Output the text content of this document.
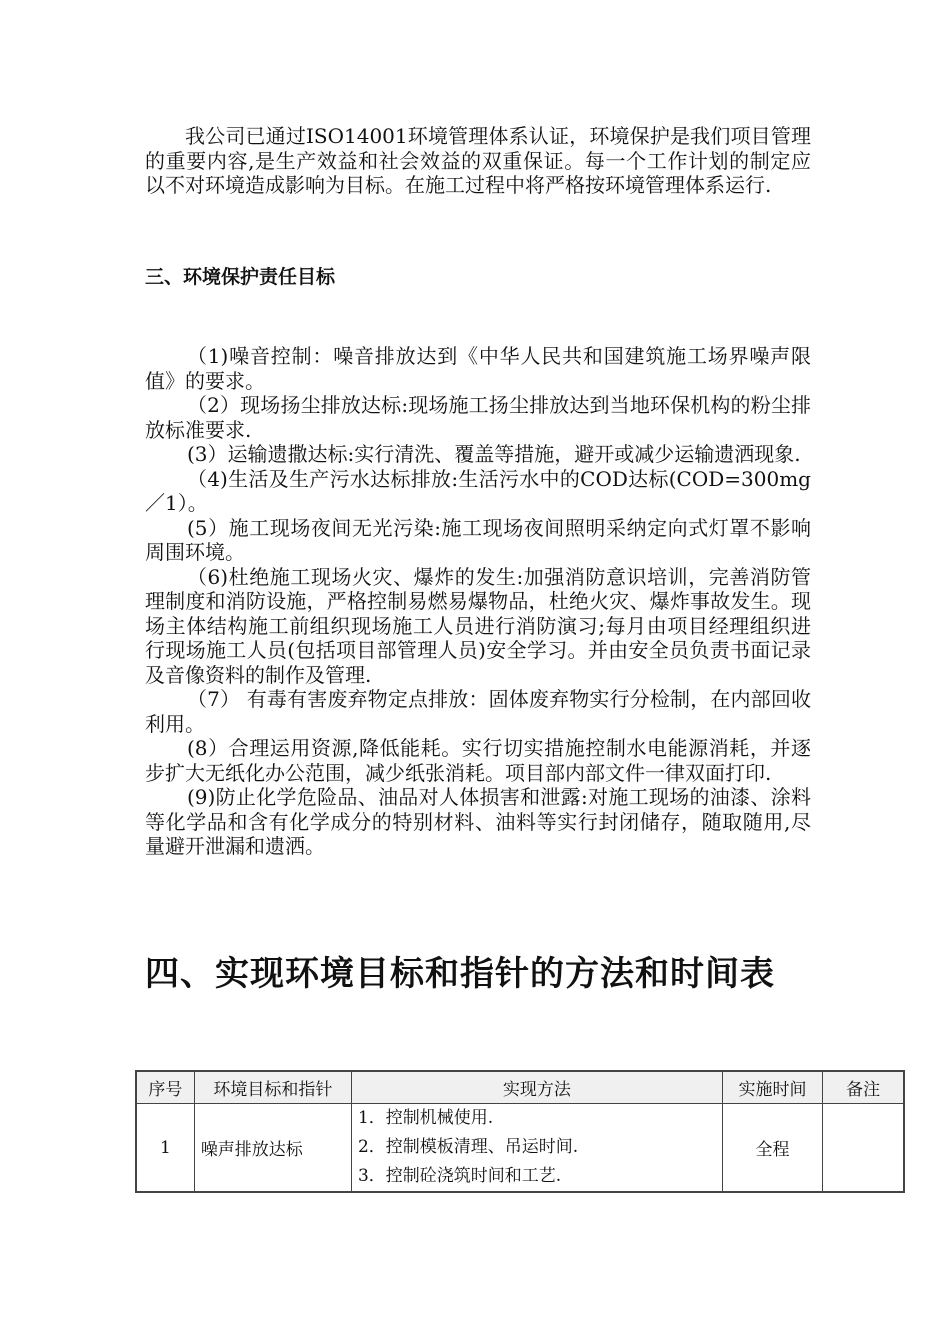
我公司已通过ISO14001环境管理体系认证，环境保护是我们项目管理的重要内容,是生产效益和社会效益的双重保证。每一个工作计划的制定应以不对环境造成影响为目标。在施工过程中将严格按环境管理体系运行.

三、环境保护责任目标
（1)噪音控制：噪音排放达到《中华人民共和国建筑施工场界噪声限值》的要求。
（2）现场扬尘排放达标:现场施工扬尘排放达到当地环保机构的粉尘排放标准要求.
(3）运输遗撒达标:实行清洗、覆盖等措施，避开或减少运输遗洒现象.
（4)生活及生产污水达标排放:生活污水中的COD达标(COD=300mg／1）。
(5）施工现场夜间无光污染:施工现场夜间照明采纳定向式灯罩不影响周围环境。
（6)杜绝施工现场火灾、爆炸的发生:加强消防意识培训，完善消防管理制度和消防设施，严格控制易燃易爆物品，杜绝火灾、爆炸事故发生。现场主体结构施工前组织现场施工人员进行消防演习;每月由项目经理组织进行现场施工人员(包括项目部管理人员)安全学习。并由安全员负责书面记录及音像资料的制作及管理.
（7） 有毒有害废弃物定点排放：固体废弃物实行分检制，在内部回收利用。
(8）合理运用资源,降低能耗。实行切实措施控制水电能源消耗，并逐步扩大无纸化办公范围，减少纸张消耗。项目部内部文件一律双面打印.
(9)防止化学危险品、油品对人体损害和泄露:对施工现场的油漆、涂料等化学品和含有化学成分的特别材料、油料等实行封闭储存，随取随用,尽量避开泄漏和遗洒。
四、实现环境目标和指针的方法和时间表
序号	环境目标和指针	实现方法	实施时间	备注
1	噪声排放达标	1．控制机械使用.
2．控制模板清理、吊运时间.
3．控制砼浇筑时间和工艺.	全程	
